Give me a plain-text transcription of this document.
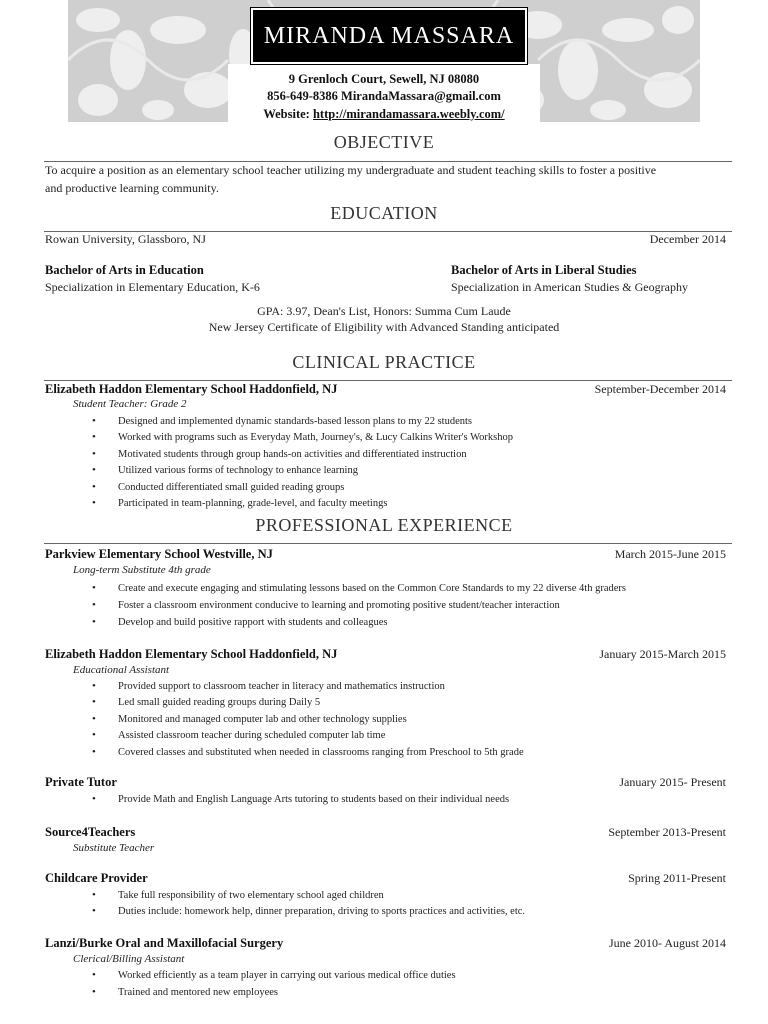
MIRANDA MASSARA
9 Grenloch Court, Sewell, NJ 08080
856-649-8386 MirandaMassara@gmail.com
Website: http://mirandamassara.weebly.com/
OBJECTIVE
To acquire a position as an elementary school teacher utilizing my undergraduate and student teaching skills to foster a positive
and productive learning community.
EDUCATION
Rowan University, Glassboro, NJ	December 2014
Bachelor of Arts in Education
Specialization in Elementary Education, K-6
Bachelor of Arts in Liberal Studies
Specialization in American Studies & Geography
GPA: 3.97, Dean's List, Honors: Summa Cum Laude
New Jersey Certificate of Eligibility with Advanced Standing anticipated
CLINICAL PRACTICE
Elizabeth Haddon Elementary School Haddonfield, NJ	September-December 2014
Student Teacher: Grade 2
Designed and implemented dynamic standards-based lesson plans to my 22 students
Worked with programs such as Everyday Math, Journey's, & Lucy Calkins Writer's Workshop
Motivated students through group hands-on activities and differentiated instruction
Utilized various forms of technology to enhance learning
Conducted differentiated small guided reading groups
Participated in team-planning, grade-level, and faculty meetings
PROFESSIONAL EXPERIENCE
Parkview Elementary School Westville, NJ	March 2015-June 2015
Long-term Substitute 4th grade
Create and execute engaging and stimulating lessons based on the Common Core Standards to my 22 diverse 4th graders
Foster a classroom environment conducive to learning and promoting positive student/teacher interaction
Develop and build positive rapport with students and colleagues
Elizabeth Haddon Elementary School Haddonfield, NJ	January 2015-March 2015
Educational Assistant
Provided support to classroom teacher in literacy and mathematics instruction
Led small guided reading groups during Daily 5
Monitored and managed computer lab and other technology supplies
Assisted classroom teacher during scheduled computer lab time
Covered classes and substituted when needed in classrooms ranging from Preschool to 5th grade
Private Tutor	January 2015- Present
Provide Math and English Language Arts tutoring to students based on their individual needs
Source4Teachers	September 2013-Present
Substitute Teacher
Childcare Provider	Spring 2011-Present
Take full responsibility of two elementary school aged children
Duties include: homework help, dinner preparation, driving to sports practices and activities, etc.
Lanzi/Burke Oral and Maxillofacial Surgery	June 2010- August 2014
Clerical/Billing Assistant
Worked efficiently as a team player in carrying out various medical office duties
Trained and mentored new employees
